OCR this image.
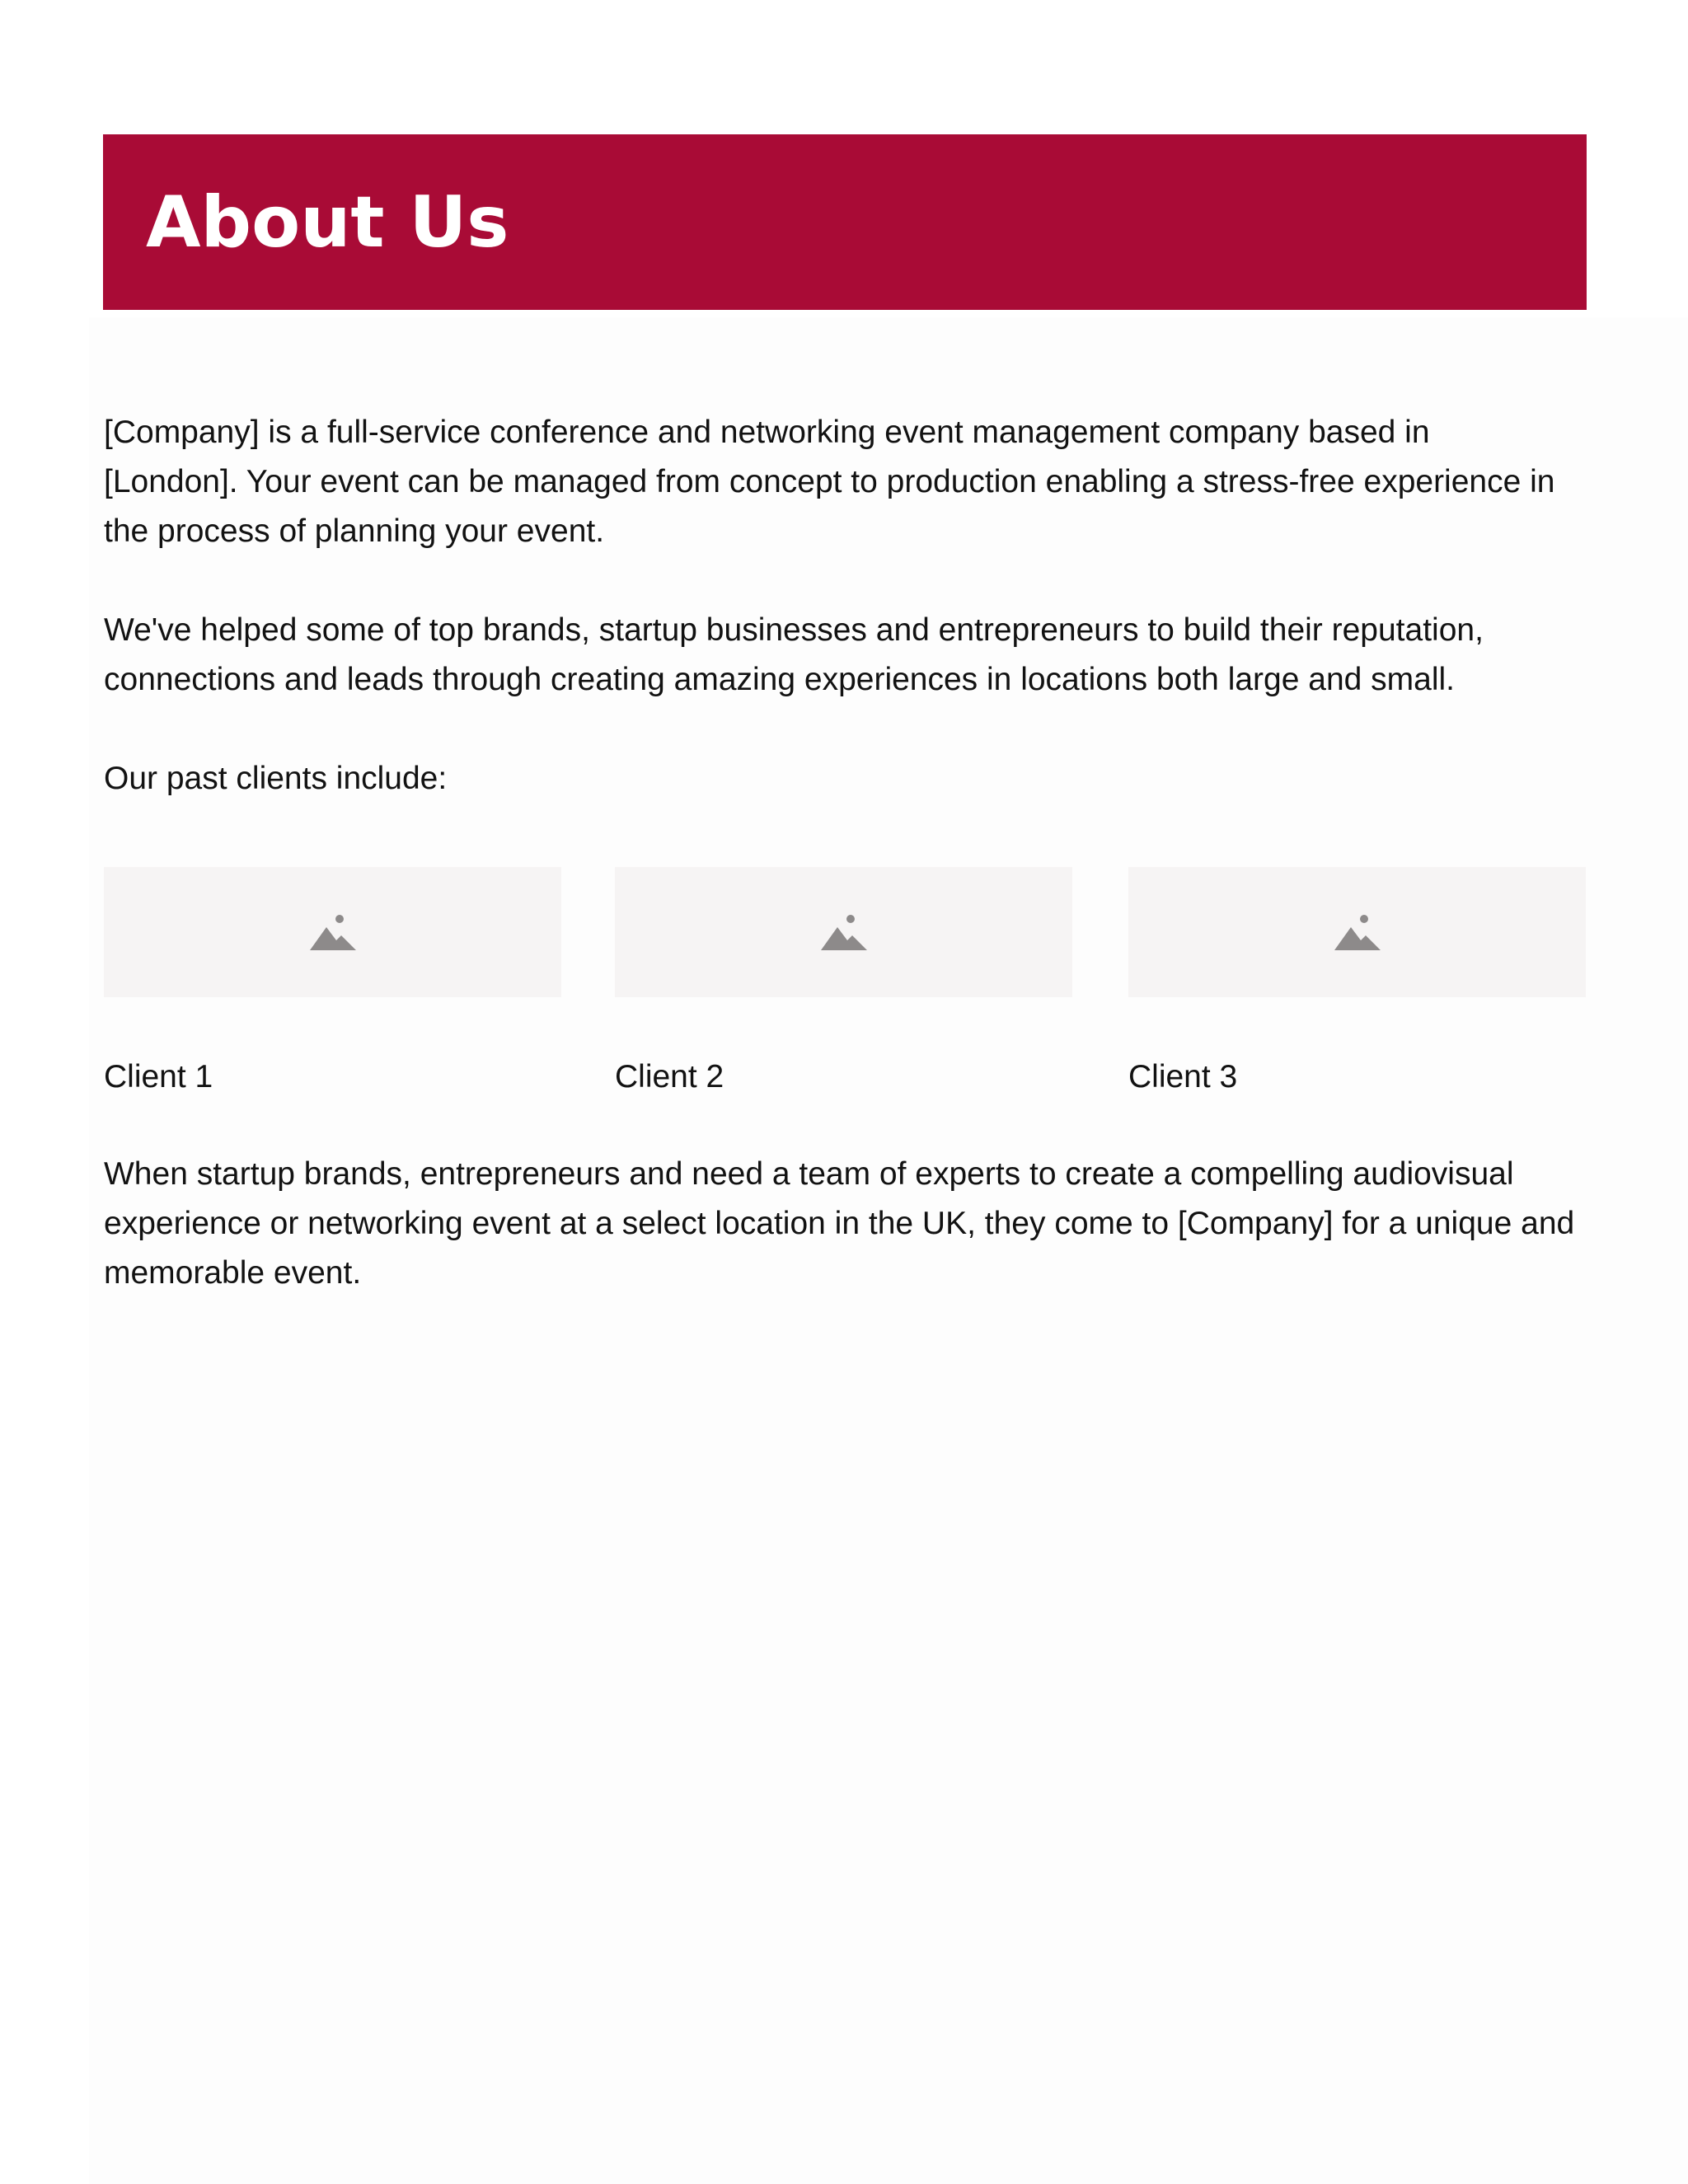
About Us

[Company] is a full-service conference and networking event management company based in [London]. Your event can be managed from concept to production enabling a stress-free experience in the process of planning your event.

We've helped some of top brands, startup businesses and entrepreneurs to build their reputation, connections and leads through creating amazing experiences in locations both large and small.

Our past clients include:

Client 1	Client 2	Client 3

When startup brands, entrepreneurs and need a team of experts to create a compelling audiovisual experience or networking event at a select location in the UK, they come to [Company] for a unique and memorable event.
